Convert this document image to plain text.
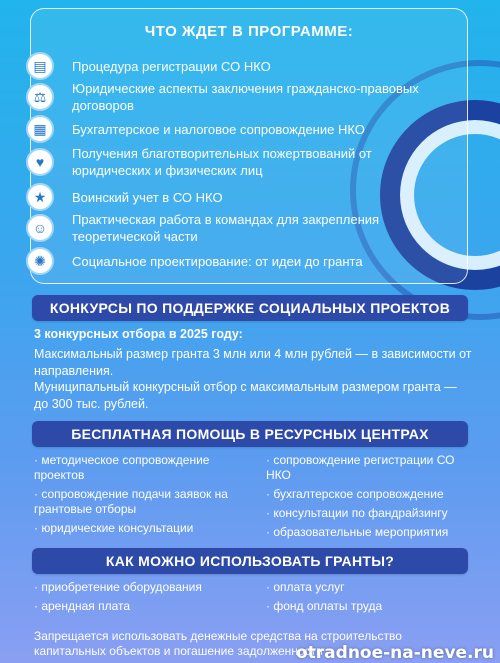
ЧТО ЖДЕТ В ПРОГРАММЕ:
▤	Процедура регистрации СО НКО
⚖	Юридические аспекты заключения гражданско-правовых договоров
▦	Бухгалтерское и налоговое сопровождение НКО
♥
Получения благотворительных пожертвований от юридических и физических лиц
★	Воинский учет в СО НКО
☺
Практическая работа в командах для закрепления теоретической части
✺	Социальное проектирование: от идеи до гранта
КОНКУРСЫ ПО ПОДДЕРЖКЕ СОЦИАЛЬНЫХ ПРОЕКТОВ
3 конкурсных отбора в 2025 году:
Максимальный размер гранта 3 млн или 4 млн рублей — в зависимости от направления.
Муниципальный конкурсный отбор с максимальным размером гранта — до 300 тыс. рублей.
БЕСПЛАТНАЯ ПОМОЩЬ В РЕСУРСНЫХ ЦЕНТРАХ
· методическое сопровождение проектов
· сопровождение подачи заявок на грантовые отборы
· юридические консультации
· сопровождение регистрации СО НКО
· бухгалтерское сопровождение
· консультации по фандрайзингу
· образовательные мероприятия
КАК МОЖНО ИСПОЛЬЗОВАТЬ ГРАНТЫ?
· приобретение оборудования
· арендная плата
· оплата услуг
· фонд оплаты труда
Запрещается использовать денежные средства на строительство капитальных объектов и погашение задолженности
otradnoe-na-neve.ru
